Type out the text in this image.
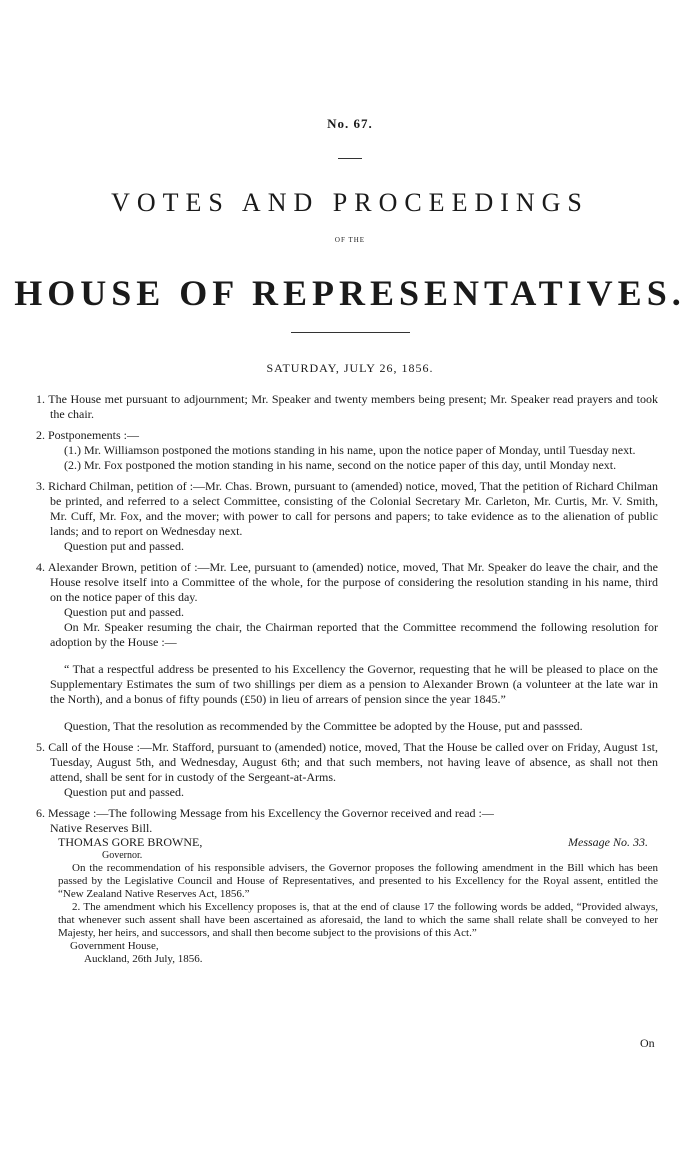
No. 67.
VOTES AND PROCEEDINGS
OF THE
HOUSE OF REPRESENTATIVES.
SATURDAY, JULY 26, 1856.
1. The House met pursuant to adjournment; Mr. Speaker and twenty members being present; Mr. Speaker read prayers and took the chair.
2. Postponements :—

(1.) Mr. Williamson postponed the motions standing in his name, upon the notice paper of Monday, until Tuesday next.

(2.) Mr. Fox postponed the motion standing in his name, second on the notice paper of this day, until Monday next.

3. Richard Chilman, petition of :—Mr. Chas. Brown, pursuant to (amended) notice, moved, That the petition of Richard Chilman be printed, and referred to a select Committee, consisting of the Colonial Secretary Mr. Carleton, Mr. Curtis, Mr. V. Smith, Mr. Cuff, Mr. Fox, and the mover; with power to call for persons and papers; to take evidence as to the alienation of public lands; and to report on Wednesday next.

Question put and passed.

4. Alexander Brown, petition of :—Mr. Lee, pursuant to (amended) notice, moved, That Mr. Speaker do leave the chair, and the House resolve itself into a Committee of the whole, for the purpose of considering the resolution standing in his name, third on the notice paper of this day.

Question put and passed.

On Mr. Speaker resuming the chair, the Chairman reported that the Committee recommend the following resolution for adoption by the House :—

“ That a respectful address be presented to his Excellency the Governor, requesting that he will be pleased to place on the Supplementary Estimates the sum of two shillings per diem as a pension to Alexander Brown (a volunteer at the late war in the North), and a bonus of fifty pounds (£50) in lieu of arrears of pension since the year 1845.”

Question, That the resolution as recommended by the Committee be adopted by the House, put and passsed.

5. Call of the House :—Mr. Stafford, pursuant to (amended) notice, moved, That the House be called over on Friday, August 1st, Tuesday, August 5th, and Wednesday, August 6th; and that such members, not having leave of absence, as shall not then attend, shall be sent for in custody of the Sergeant-at-Arms.

Question put and passed.

6. Message :—The following Message from his Excellency the Governor received and read :—

Native Reserves Bill.

THOMAS GORE BROWNE,	Message No. 33.
Governor.

On the recommendation of his responsible advisers, the Governor proposes the following amendment in the Bill which has been passed by the Legislative Council and House of Representatives, and presented to his Excellency for the Royal assent, entitled the “New Zealand Native Reserves Act, 1856.”

2. The amendment which his Excellency proposes is, that at the end of clause 17 the following words be added, “Provided always, that whenever such assent shall have been ascertained as aforesaid, the land to which the same shall relate shall be conveyed to her Majesty, her heirs, and successors, and shall then become subject to the provisions of this Act.”

Government House,
Auckland, 26th July, 1856.
On
